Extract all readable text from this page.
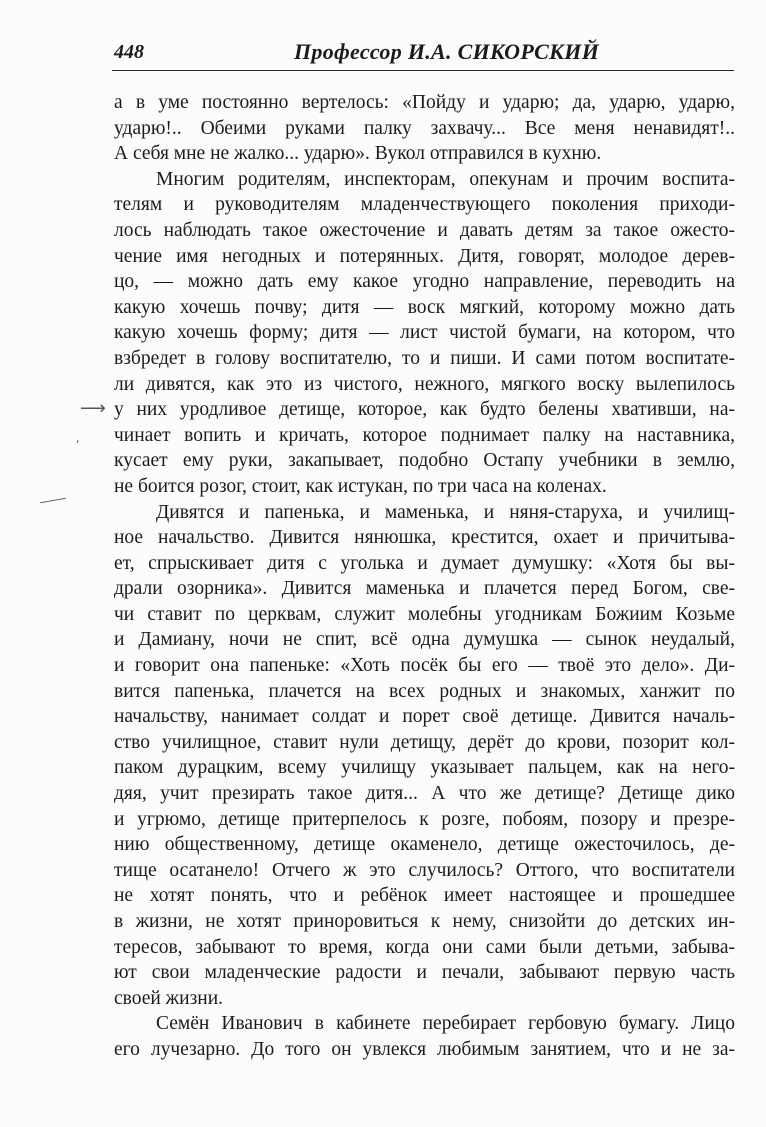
448	Профессор И.А. СИКОРСКИЙ
⟶
,
а в уме постоянно вертелось: «Пойду и ударю; да, ударю, ударю,
ударю!.. Обеими руками палку захвачу... Все меня ненавидят!..
А себя мне не жалко... ударю». Вукол отправился в кухню.
Многим родителям, инспекторам, опекунам и прочим воспита-
телям и руководителям младенчествующего поколения приходи-
лось наблюдать такое ожесточение и давать детям за такое ожесто-
чение имя негодных и потерянных. Дитя, говорят, молодое дерев-
цо, — можно дать ему какое угодно направление, переводить на
какую хочешь почву; дитя — воск мягкий, которому можно дать
какую хочешь форму; дитя — лист чистой бумаги, на котором, что
взбредет в голову воспитателю, то и пиши. И сами потом воспитате-
ли дивятся, как это из чистого, нежного, мягкого воску вылепилось
у них уродливое детище, которое, как будто белены хвативши, на-
чинает вопить и кричать, которое поднимает палку на наставника,
кусает ему руки, закапывает, подобно Остапу учебники в землю,
не боится розог, стоит, как истукан, по три часа на коленах.
Дивятся и папенька, и маменька, и няня-старуха, и училищ-
ное начальство. Дивится нянюшка, крестится, охает и причитыва-
ет, спрыскивает дитя с уголька и думает думушку: «Хотя бы вы-
драли озорника». Дивится маменька и плачется перед Богом, све-
чи ставит по церквам, служит молебны угодникам Божиим Козьме
и Дамиану, ночи не спит, всё одна думушка — сынок неудалый,
и говорит она папеньке: «Хоть посёк бы его — твоё это дело». Ди-
вится папенька, плачется на всех родных и знакомых, ханжит по
начальству, нанимает солдат и порет своё детище. Дивится началь-
ство училищное, ставит нули детищу, дерёт до крови, позорит кол-
паком дурацким, всему училищу указывает пальцем, как на него-
дяя, учит презирать такое дитя... А что же детище? Детище дико
и угрюмо, детище притерпелось к розге, побоям, позору и презре-
нию общественному, детище окаменело, детище ожесточилось, де-
тище осатанело! Отчего ж это случилось? Оттого, что воспитатели
не хотят понять, что и ребёнок имеет настоящее и прошедшее
в жизни, не хотят приноровиться к нему, снизойти до детских ин-
тересов, забывают то время, когда они сами были детьми, забыва-
ют свои младенческие радости и печали, забывают первую часть
своей жизни.
Семён Иванович в кабинете перебирает гербовую бумагу. Лицо
его лучезарно. До того он увлекся любимым занятием, что и не за-
